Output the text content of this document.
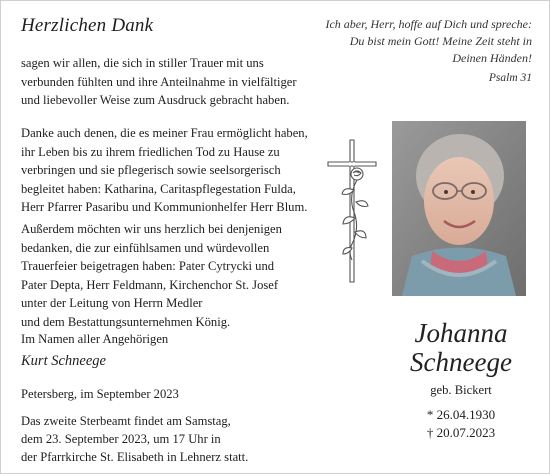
Herzlichen Dank	Ich aber, Herr, hoffe auf Dich und spreche:
Du bist mein Gott! Meine Zeit steht in
Deinen Händen!
Psalm 31
sagen wir allen, die sich in stiller Trauer mit uns
verbunden fühlten und ihre Anteilnahme in vielfältiger
und liebevoller Weise zum Ausdruck gebracht haben.
Danke auch denen, die es meiner Frau ermöglicht haben,
ihr Leben bis zu ihrem friedlichen Tod zu Hause zu
verbringen und sie pflegerisch sowie seelsorgerisch
begleitet haben: Katharina, Caritaspflegestation Fulda,
Herr Pfarrer Pasaribu und Kommunionhelfer Herr Blum.
Außerdem möchten wir uns herzlich bei denjenigen
bedanken, die zur einfühlsamen und würdevollen
Trauerfeier beigetragen haben: Pater Cytrycki und
Pater Depta, Herr Feldmann, Kirchenchor St. Josef
unter der Leitung von Herrn Medler
und dem Bestattungsunternehmen König.
Im Namen aller Angehörigen
Kurt Schneege
Petersberg, im September 2023
Das zweite Sterbeamt findet am Samstag,
dem 23. September 2023, um 17 Uhr in
der Pfarrkirche St. Elisabeth in Lehnerz statt.
Johanna
Schneege
geb. Bickert
* 26.04.1930
† 20.07.2023
